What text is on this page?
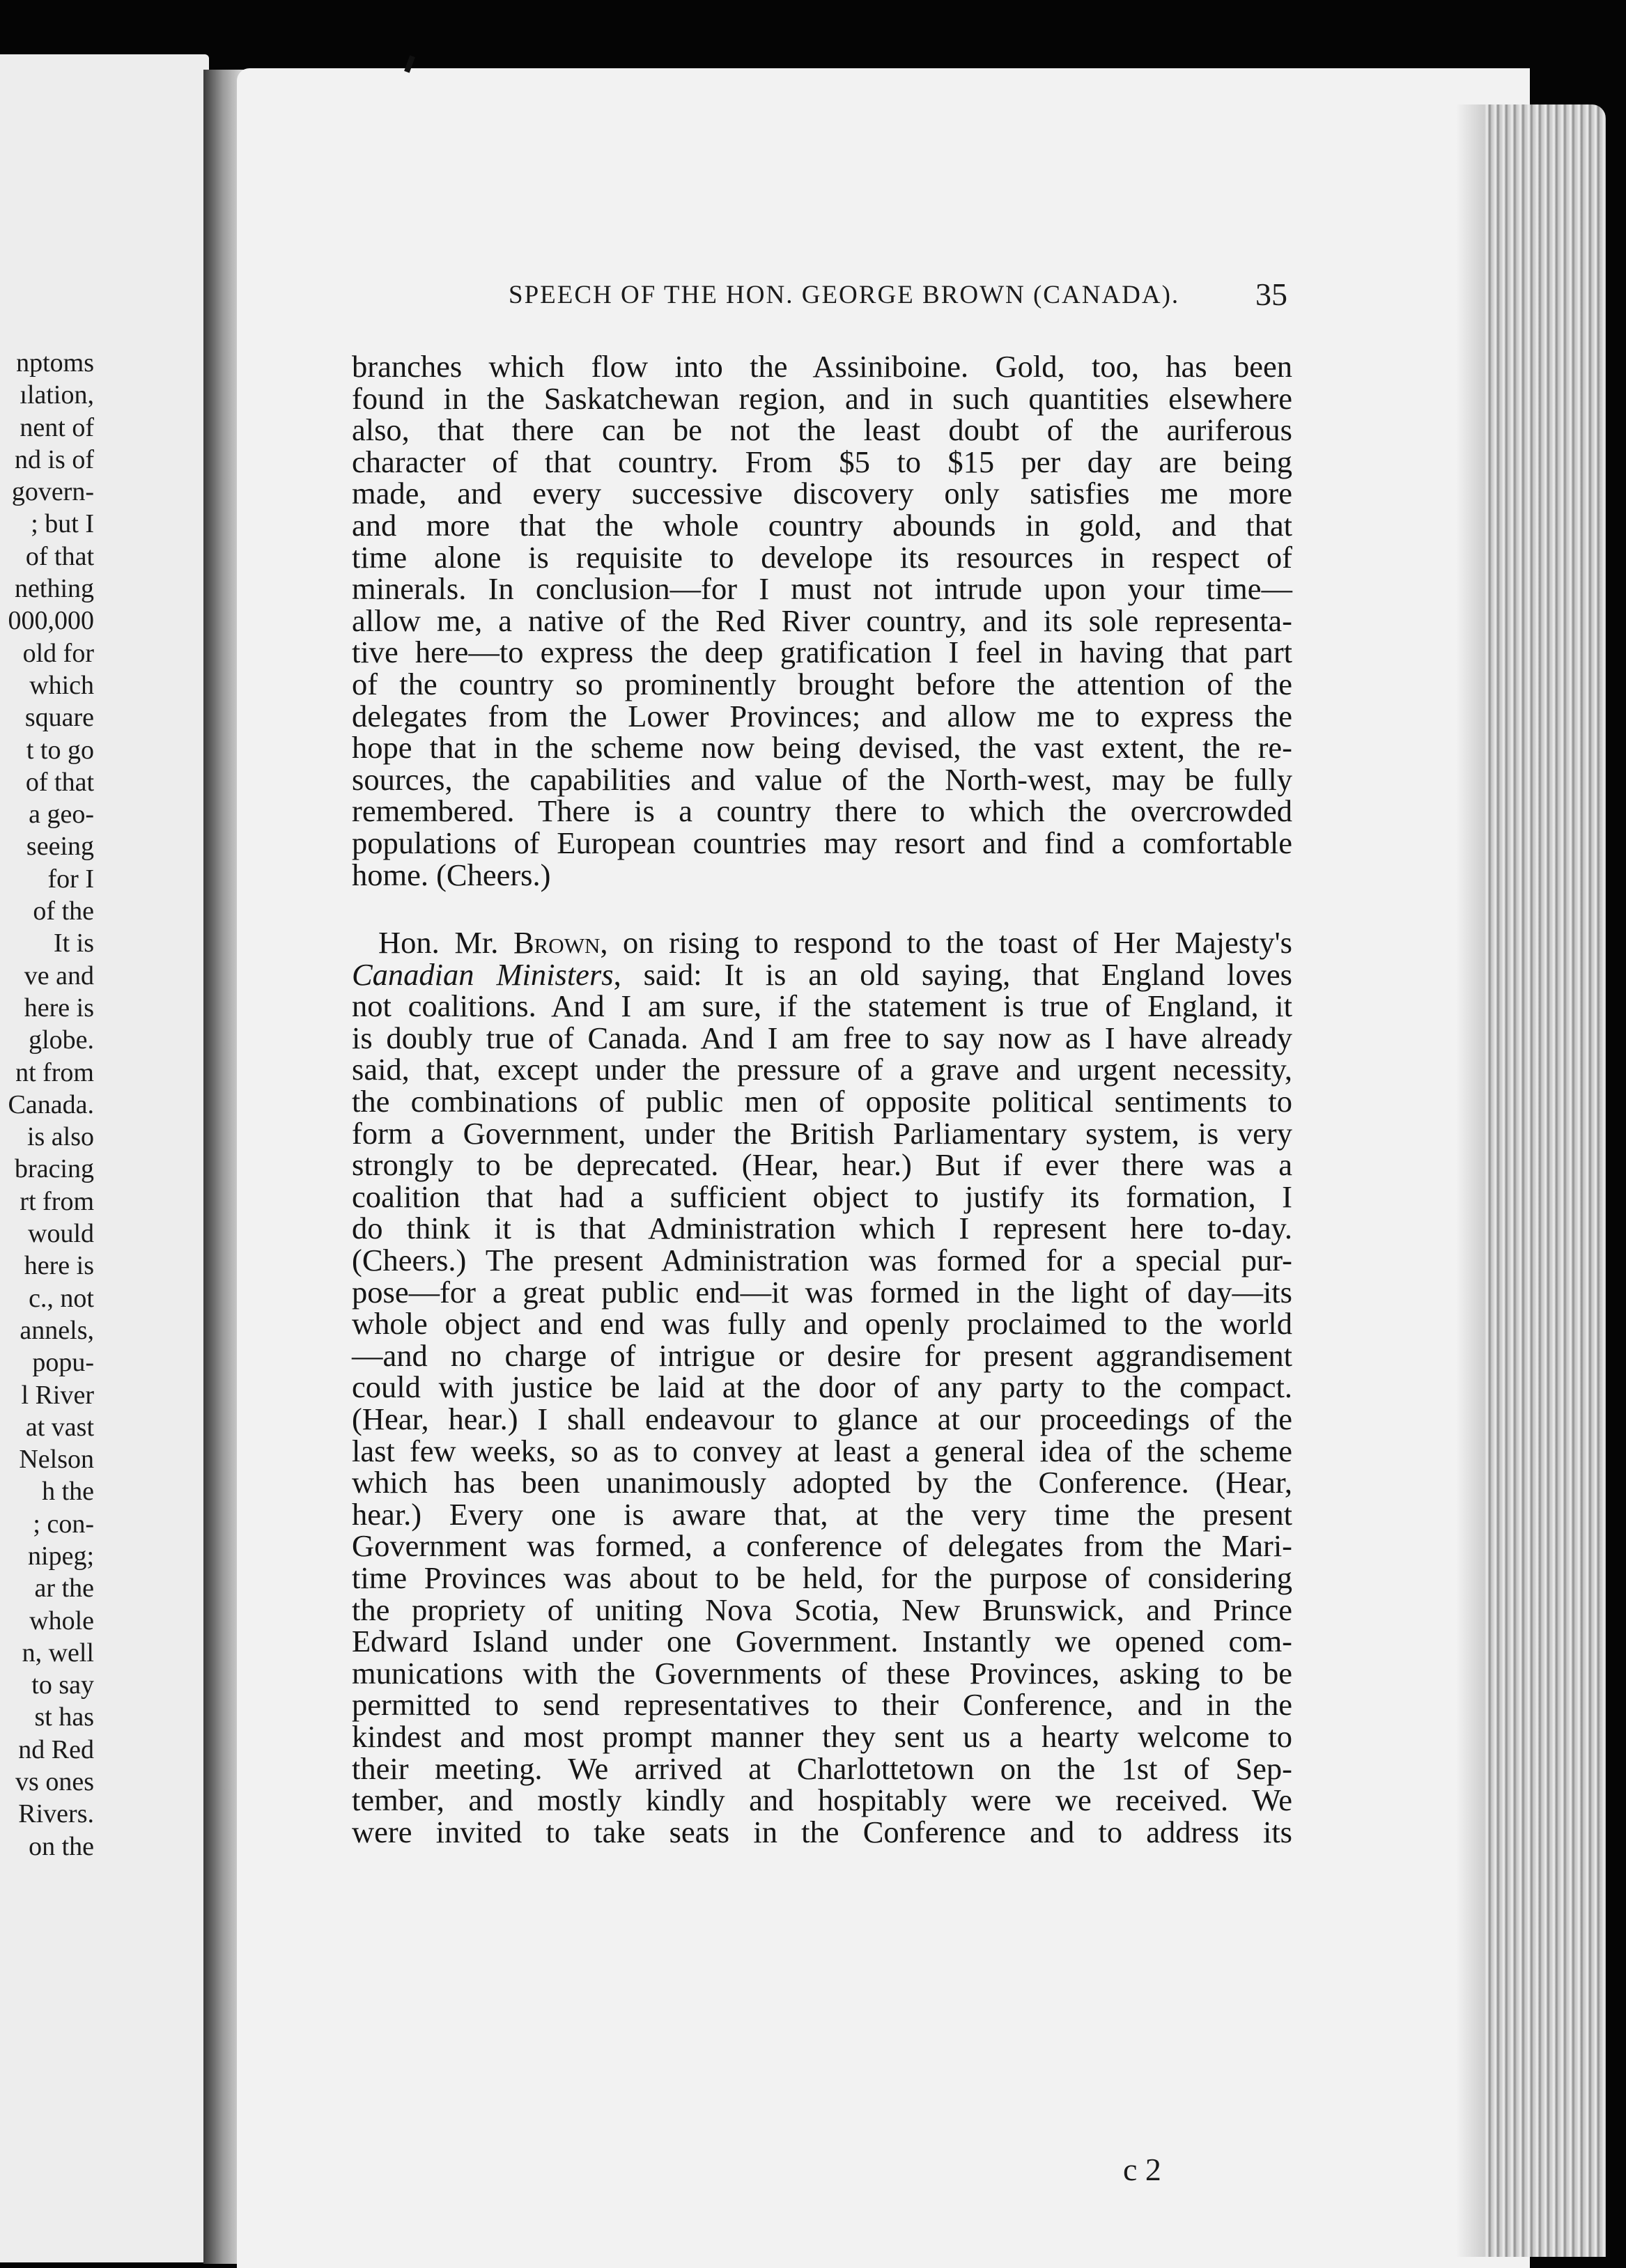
nptoms
ılation,
nent of
nd is of
govern-
; but I
of that
nething
000,000
old for
which
square
t to go
of that
a geo-
seeing
for I
of the
It is
ve and
here is
globe.
nt from
Canada.
is also
bracing
rt from
would
here is
c., not
annels,
popu-
l River
at vast
Nelson
h the
; con-
nipeg;
ar the
whole
n, well
to say
st has
nd Red
vs ones
Rivers.
on the
SPEECH OF THE HON. GEORGE BROWN (CANADA).	35
branches which flow into the Assiniboine. Gold, too, has been
found in the Saskatchewan region, and in such quantities elsewhere
also, that there can be not the least doubt of the auriferous
character of that country. From $5 to $15 per day are being
made, and every successive discovery only satisfies me more
and more that the whole country abounds in gold, and that
time alone is requisite to develope its resources in respect of
minerals. In conclusion—for I must not intrude upon your time—
allow me, a native of the Red River country, and its sole representa-
tive here—to express the deep gratification I feel in having that part
of the country so prominently brought before the attention of the
delegates from the Lower Provinces; and allow me to express the
hope that in the scheme now being devised, the vast extent, the re-
sources, the capabilities and value of the North-west, may be fully
remembered. There is a country there to which the overcrowded
populations of European countries may resort and find a comfortable
home. (Cheers.)
Hon. Mr. Brown, on rising to respond to the toast of Her Majesty's
Canadian Ministers, said: It is an old saying, that England loves
not coalitions. And I am sure, if the statement is true of England, it
is doubly true of Canada. And I am free to say now as I have already
said, that, except under the pressure of a grave and urgent necessity,
the combinations of public men of opposite political sentiments to
form a Government, under the British Parliamentary system, is very
strongly to be deprecated. (Hear, hear.) But if ever there was a
coalition that had a sufficient object to justify its formation, I
do think it is that Administration which I represent here to-day.
(Cheers.) The present Administration was formed for a special pur-
pose—for a great public end—it was formed in the light of day—its
whole object and end was fully and openly proclaimed to the world
—and no charge of intrigue or desire for present aggrandisement
could with justice be laid at the door of any party to the compact.
(Hear, hear.) I shall endeavour to glance at our proceedings of the
last few weeks, so as to convey at least a general idea of the scheme
which has been unanimously adopted by the Conference. (Hear,
hear.) Every one is aware that, at the very time the present
Government was formed, a conference of delegates from the Mari-
time Provinces was about to be held, for the purpose of considering
the propriety of uniting Nova Scotia, New Brunswick, and Prince
Edward Island under one Government. Instantly we opened com-
munications with the Governments of these Provinces, asking to be
permitted to send representatives to their Conference, and in the
kindest and most prompt manner they sent us a hearty welcome to
their meeting. We arrived at Charlottetown on the 1st of Sep-
tember, and mostly kindly and hospitably were we received. We
were invited to take seats in the Conference and to address its
c 2
